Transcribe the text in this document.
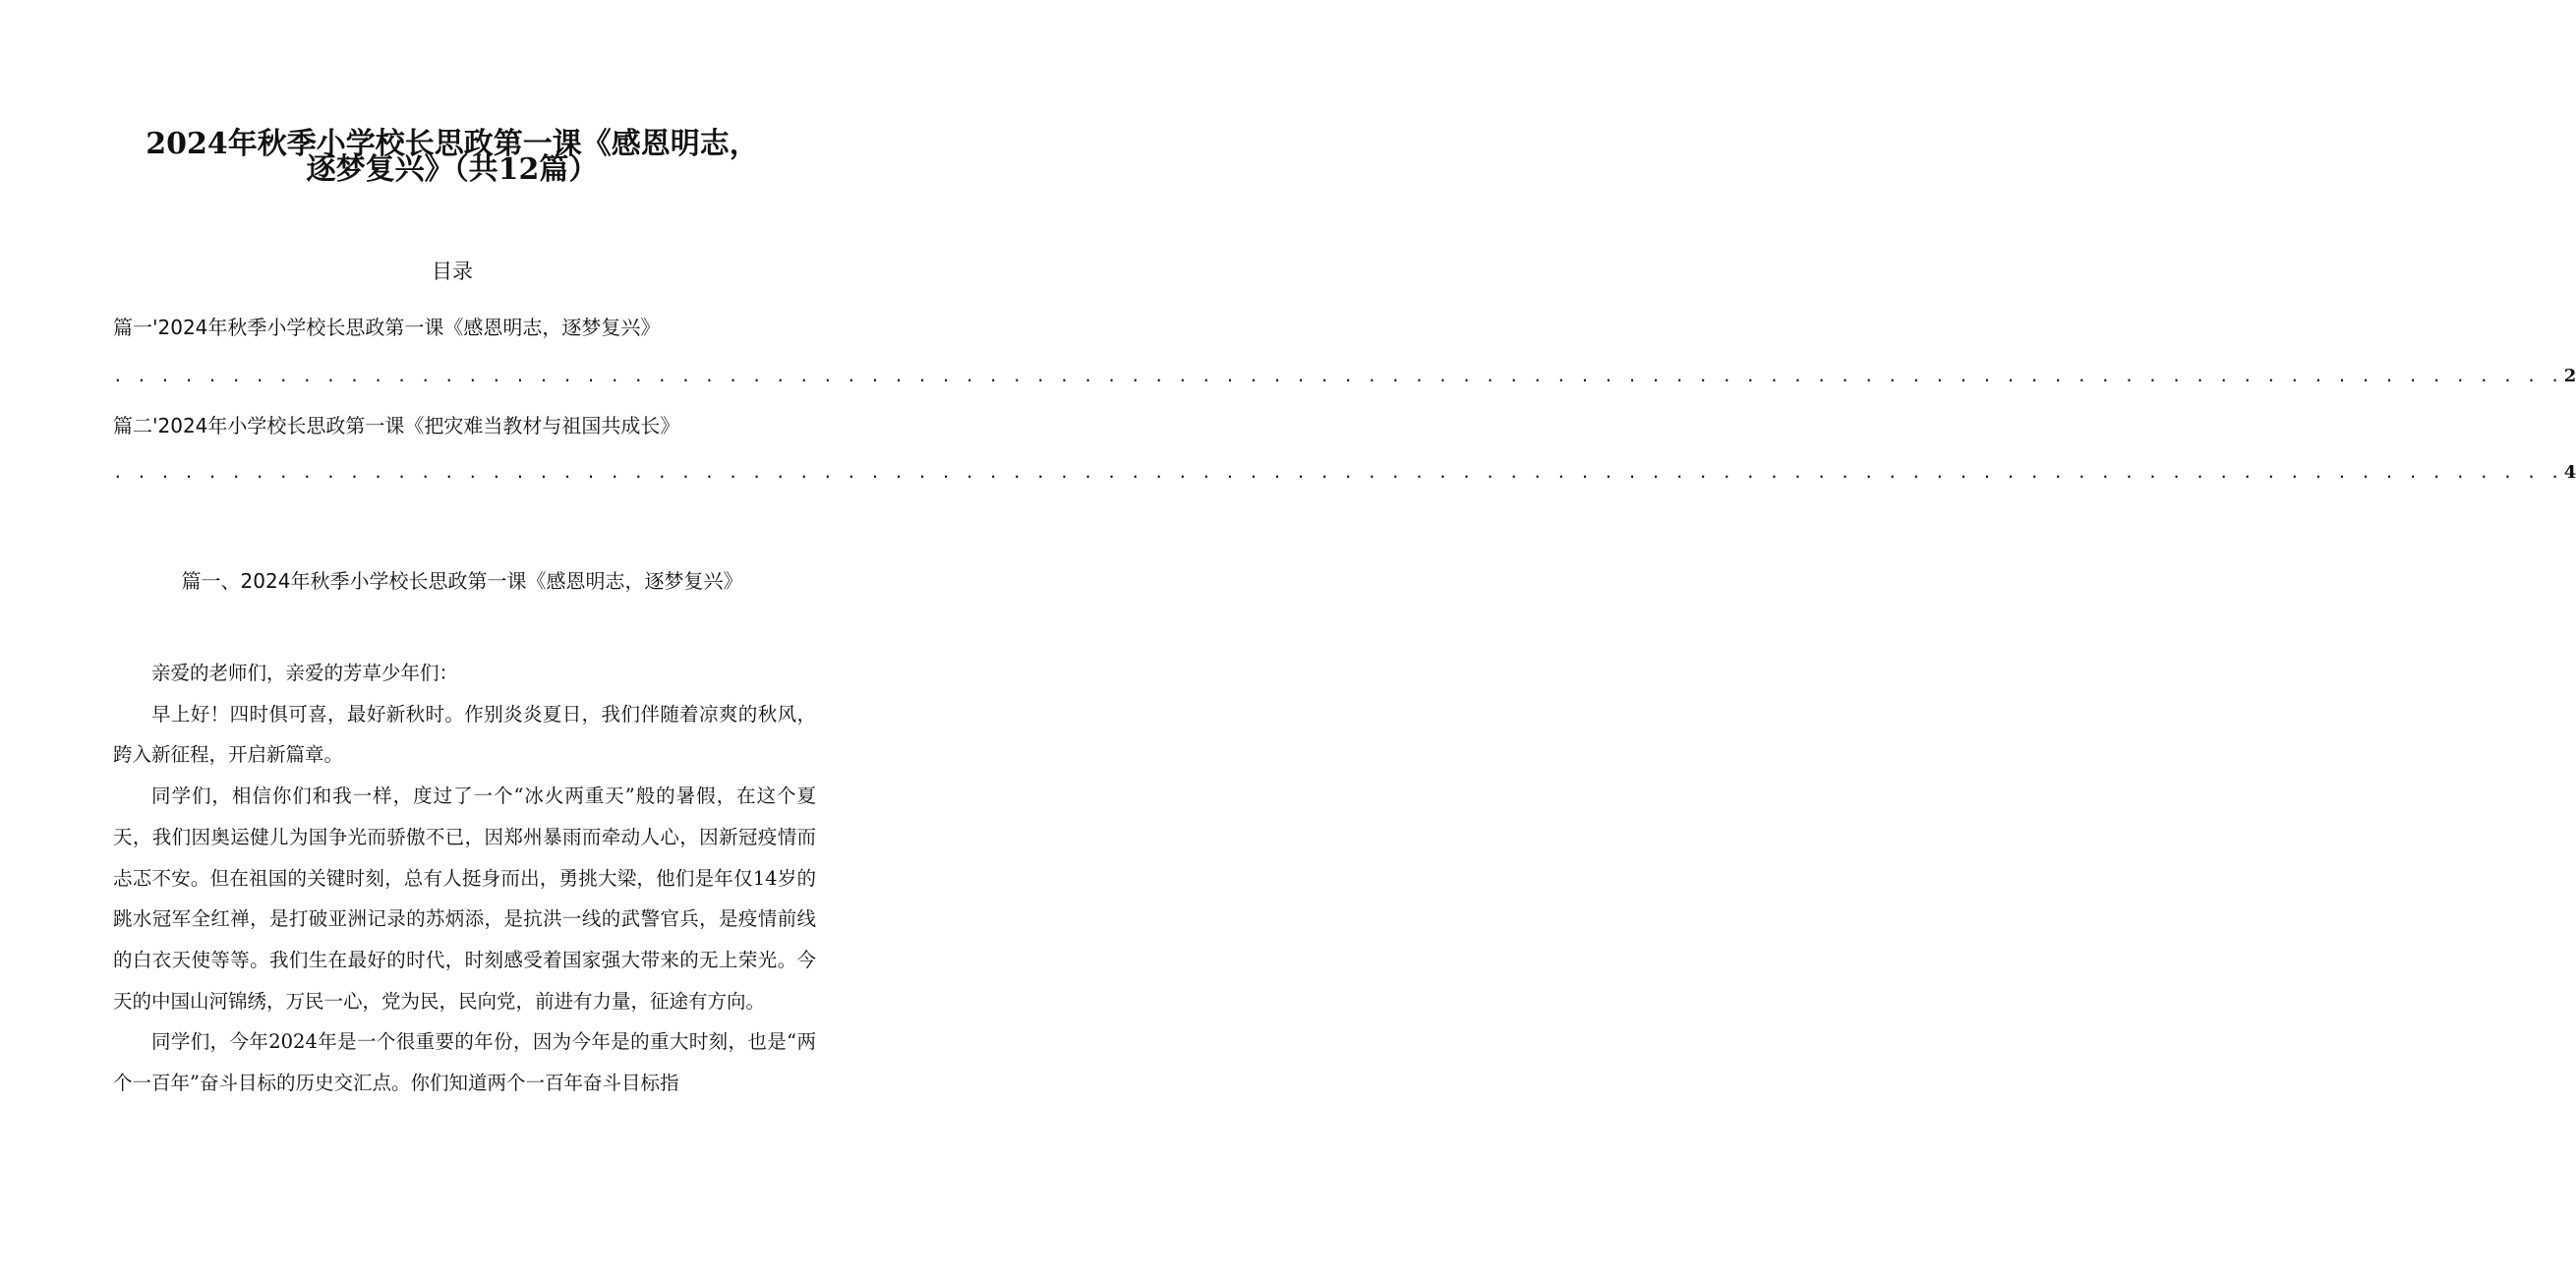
2024年秋季小学校长思政第一课《感恩明志，
逐梦复兴》（共12篇）
目录
篇一'2024年秋季小学校长思政第一课《感恩明志，逐梦复兴》
. . . . . . . . . . . . . . . . . . . . . . . . . . . . . . . . . . . . . . . . . . . . . . . . . . . . . . . . . . . . . . . . . . . . . . . . . . . . . . . . . . . . . . . . . . . . . . . . . . . . . . . . 2
篇二'2024年小学校长思政第一课《把灾难当教材与祖国共成长》
. . . . . . . . . . . . . . . . . . . . . . . . . . . . . . . . . . . . . . . . . . . . . . . . . . . . . . . . . . . . . . . . . . . . . . . . . . . . . . . . . . . . . . . . . . . . . . . . . . . . . . . . 4
篇一、2024年秋季小学校长思政第一课《感恩明志，逐梦复兴》

亲爱的老师们，亲爱的芳草少年们：

早上好！四时俱可喜，最好新秋时。作别炎炎夏日，我们伴随着凉爽的秋风，跨入新征程，开启新篇章。

同学们，相信你们和我一样，度过了一个“冰火两重天”般的暑假，在这个夏天，我们因奥运健儿为国争光而骄傲不已，因郑州暴雨而牵动人心，因新冠疫情而忐忑不安。但在祖国的关键时刻，总有人挺身而出，勇挑大梁，他们是年仅14岁的跳水冠军全红禅，是打破亚洲记录的苏炳添，是抗洪一线的武警官兵，是疫情前线的白衣天使等等。我们生在最好的时代，时刻感受着国家强大带来的无上荣光。今天的中国山河锦绣，万民一心，党为民，民向党，前进有力量，征途有方向。

同学们，今年2024年是一个很重要的年份，因为今年是的重大时刻，也是“两个一百年”奋斗目标的历史交汇点。你们知道两个一百年奋斗目标指
